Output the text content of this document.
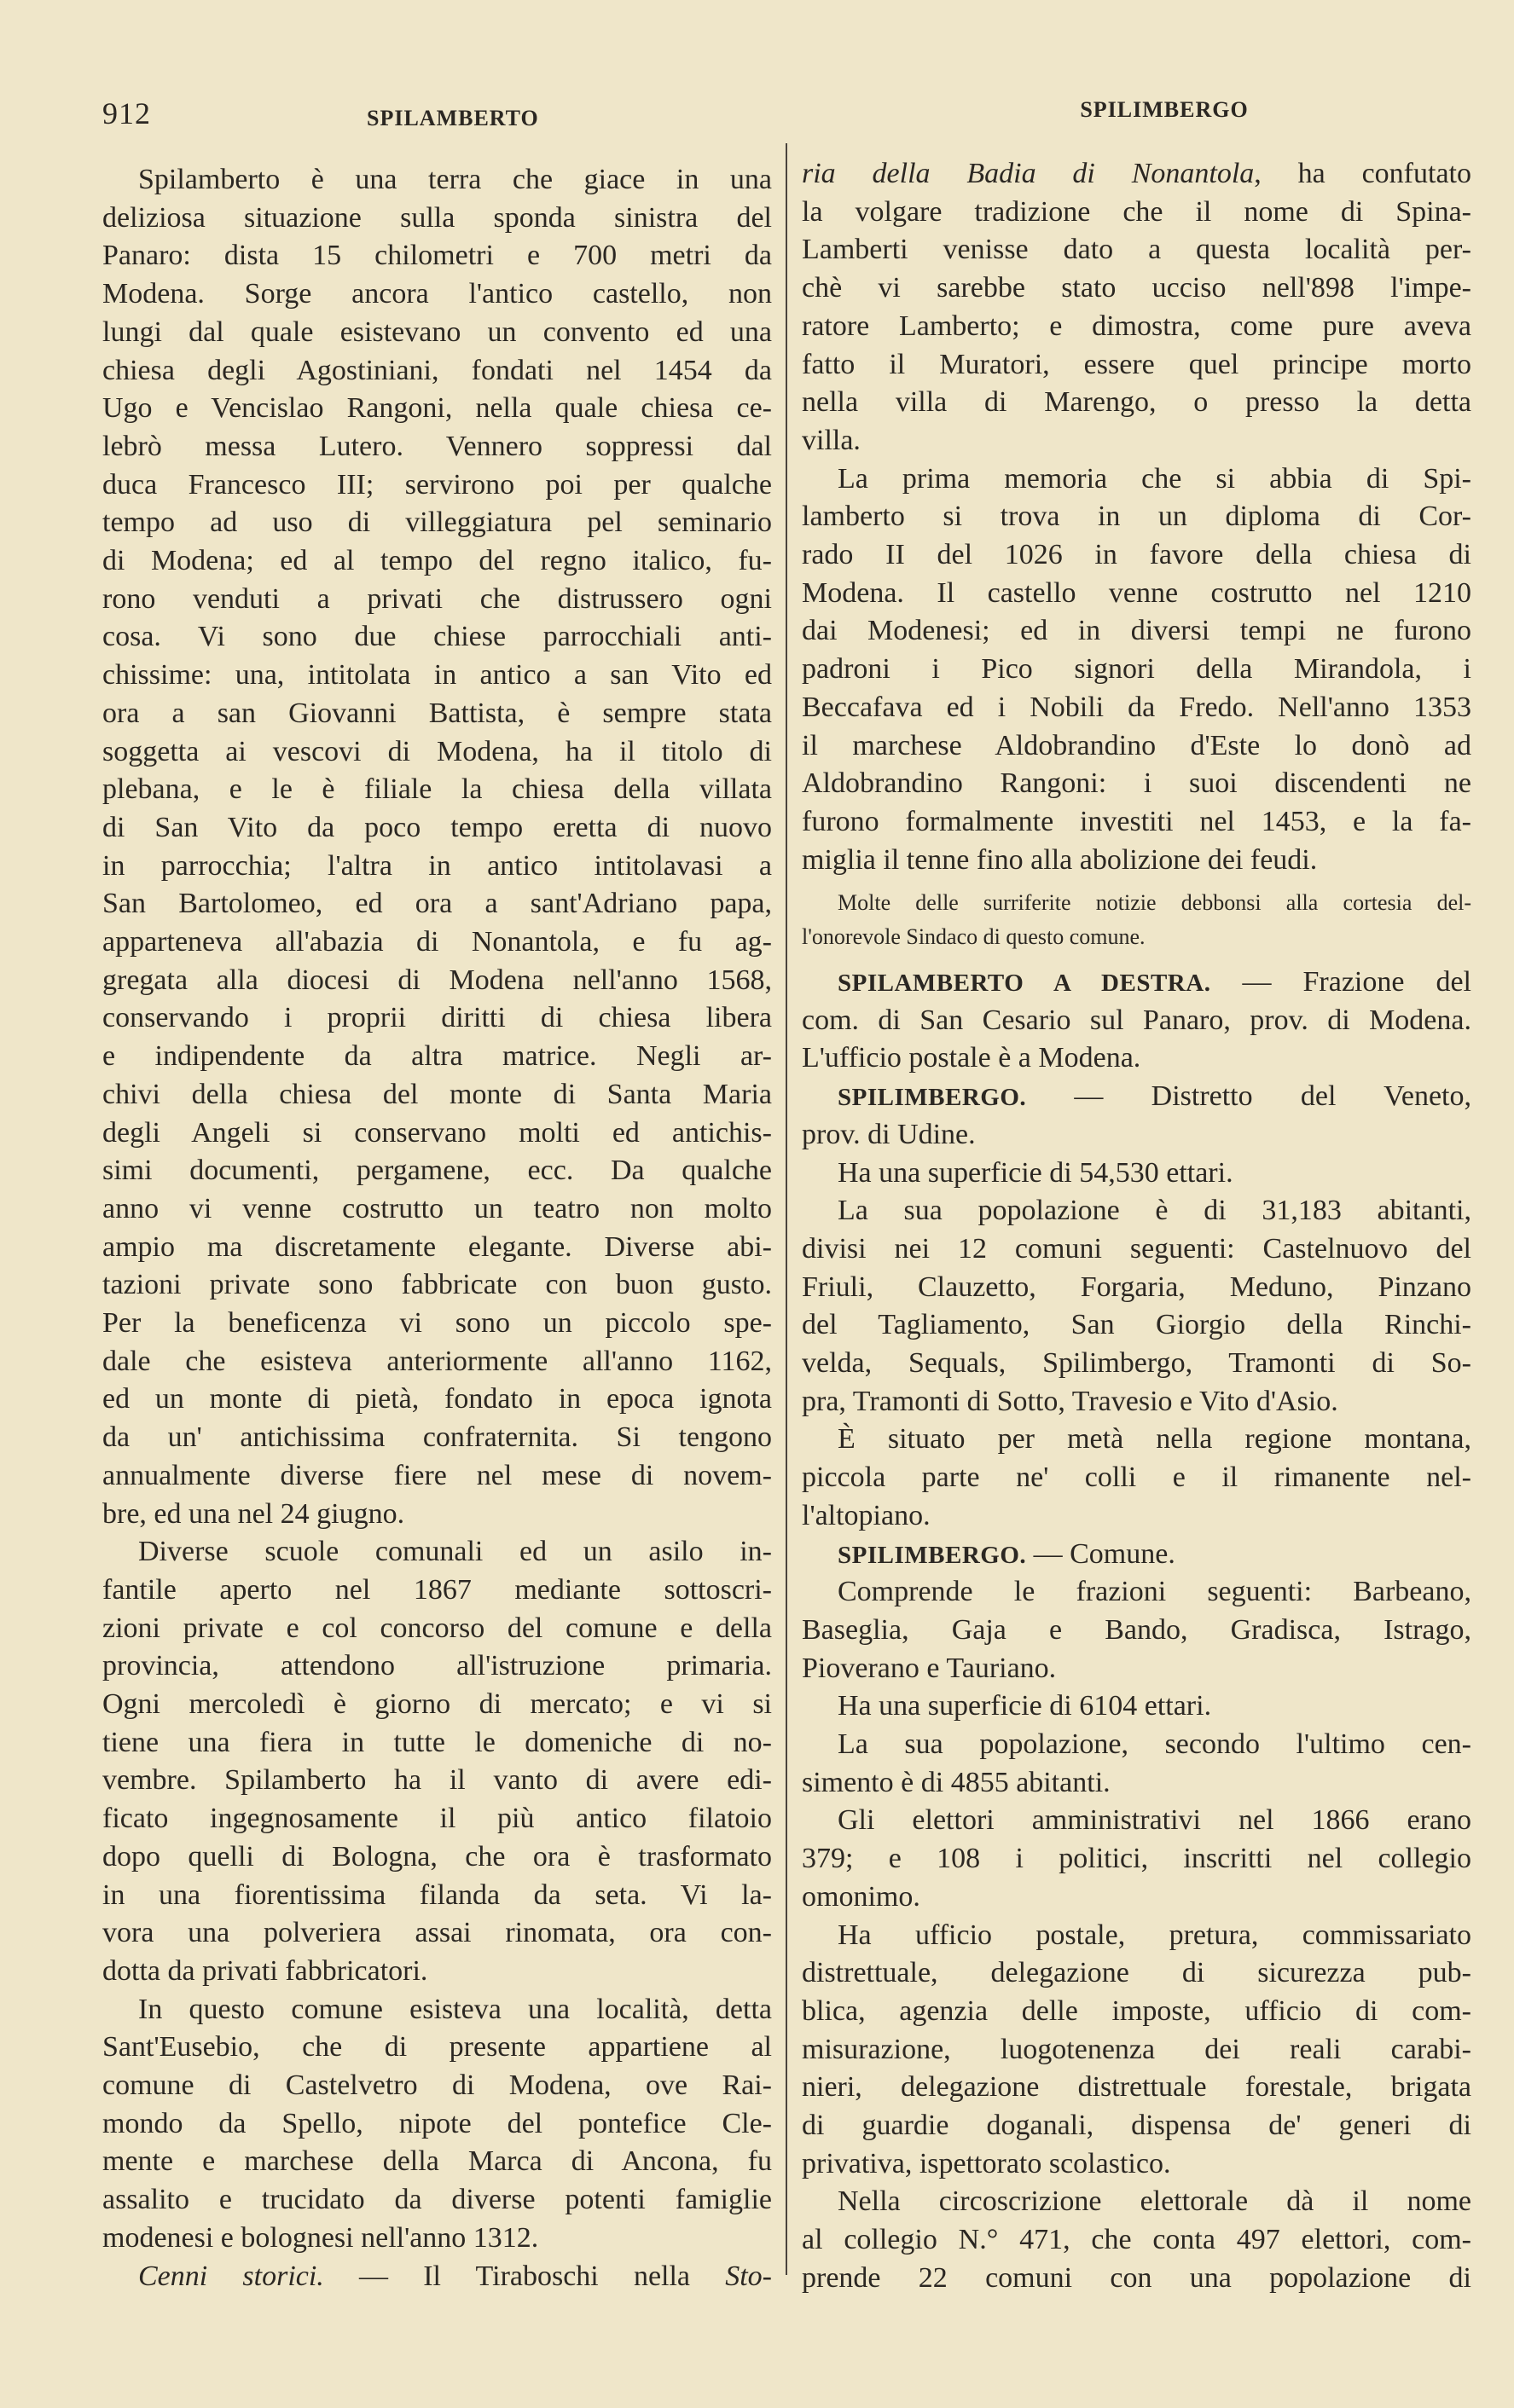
912	SPILAMBERTO	SPILIMBERGO
Spilamberto è una terra che giace in una
deliziosa situazione sulla sponda sinistra del
Panaro: dista 15 chilometri e 700 metri da
Modena. Sorge ancora l'antico castello, non
lungi dal quale esistevano un convento ed una
chiesa degli Agostiniani, fondati nel 1454 da
Ugo e Vencislao Rangoni, nella quale chiesa ce-
lebrò messa Lutero. Vennero soppressi dal
duca Francesco III; servirono poi per qualche
tempo ad uso di villeggiatura pel seminario
di Modena; ed al tempo del regno italico, fu-
rono venduti a privati che distrussero ogni
cosa. Vi sono due chiese parrocchiali anti-
chissime: una, intitolata in antico a san Vito ed
ora a san Giovanni Battista, è sempre stata
soggetta ai vescovi di Modena, ha il titolo di
plebana, e le è filiale la chiesa della villata
di San Vito da poco tempo eretta di nuovo
in parrocchia; l'altra in antico intitolavasi a
San Bartolomeo, ed ora a sant'Adriano papa,
apparteneva all'abazia di Nonantola, e fu ag-
gregata alla diocesi di Modena nell'anno 1568,
conservando i proprii diritti di chiesa libera
e indipendente da altra matrice. Negli ar-
chivi della chiesa del monte di Santa Maria
degli Angeli si conservano molti ed antichis-
simi documenti, pergamene, ecc. Da qualche
anno vi venne costrutto un teatro non molto
ampio ma discretamente elegante. Diverse abi-
tazioni private sono fabbricate con buon gusto.
Per la beneficenza vi sono un piccolo spe-
dale che esisteva anteriormente all'anno 1162,
ed un monte di pietà, fondato in epoca ignota
da un' antichissima confraternita. Si tengono
annualmente diverse fiere nel mese di novem-
bre, ed una nel 24 giugno.
Diverse scuole comunali ed un asilo in-
fantile aperto nel 1867 mediante sottoscri-
zioni private e col concorso del comune e della
provincia, attendono all'istruzione primaria.
Ogni mercoledì è giorno di mercato; e vi si
tiene una fiera in tutte le domeniche di no-
vembre. Spilamberto ha il vanto di avere edi-
ficato ingegnosamente il più antico filatoio
dopo quelli di Bologna, che ora è trasformato
in una fiorentissima filanda da seta. Vi la-
vora una polveriera assai rinomata, ora con-
dotta da privati fabbricatori.
In questo comune esisteva una località, detta
Sant'Eusebio, che di presente appartiene al
comune di Castelvetro di Modena, ove Rai-
mondo da Spello, nipote del pontefice Cle-
mente e marchese della Marca di Ancona, fu
assalito e trucidato da diverse potenti famiglie
modenesi e bolognesi nell'anno 1312.
Cenni storici. — Il Tiraboschi nella Sto-
ria della Badia di Nonantola, ha confutato
la volgare tradizione che il nome di Spina-
Lamberti venisse dato a questa località per-
chè vi sarebbe stato ucciso nell'898 l'impe-
ratore Lamberto; e dimostra, come pure aveva
fatto il Muratori, essere quel principe morto
nella villa di Marengo, o presso la detta
villa.
La prima memoria che si abbia di Spi-
lamberto si trova in un diploma di Cor-
rado II del 1026 in favore della chiesa di
Modena. Il castello venne costrutto nel 1210
dai Modenesi; ed in diversi tempi ne furono
padroni i Pico signori della Mirandola, i
Beccafava ed i Nobili da Fredo. Nell'anno 1353
il marchese Aldobrandino d'Este lo donò ad
Aldobrandino Rangoni: i suoi discendenti ne
furono formalmente investiti nel 1453, e la fa-
miglia il tenne fino alla abolizione dei feudi.
SPILAMBERTO A DESTRA. — Frazione del
com. di San Cesario sul Panaro, prov. di Modena.
L'ufficio postale è a Modena.
SPILIMBERGO. — Distretto del Veneto,
prov. di Udine.
Ha una superficie di 54,530 ettari.
La sua popolazione è di 31,183 abitanti,
divisi nei 12 comuni seguenti: Castelnuovo del
Friuli, Clauzetto, Forgaria, Meduno, Pinzano
del Tagliamento, San Giorgio della Rinchi-
velda, Sequals, Spilimbergo, Tramonti di So-
pra, Tramonti di Sotto, Travesio e Vito d'Asio.
È situato per metà nella regione montana,
piccola parte ne' colli e il rimanente nel-
l'altopiano.
SPILIMBERGO. — Comune.
Comprende le frazioni seguenti: Barbeano,
Baseglia, Gaja e Bando, Gradisca, Istrago,
Pioverano e Tauriano.
Ha una superficie di 6104 ettari.
La sua popolazione, secondo l'ultimo cen-
simento è di 4855 abitanti.
Gli elettori amministrativi nel 1866 erano
379; e 108 i politici, inscritti nel collegio
omonimo.
Ha ufficio postale, pretura, commissariato
distrettuale, delegazione di sicurezza pub-
blica, agenzia delle imposte, ufficio di com-
misurazione, luogotenenza dei reali carabi-
nieri, delegazione distrettuale forestale, brigata
di guardie doganali, dispensa de' generi di
privativa, ispettorato scolastico.
Nella circoscrizione elettorale dà il nome
al collegio N.° 471, che conta 497 elettori, com-
prende 22 comuni con una popolazione di
Molte delle surriferite notizie debbonsi alla cortesia del-
l'onorevole Sindaco di questo comune.
